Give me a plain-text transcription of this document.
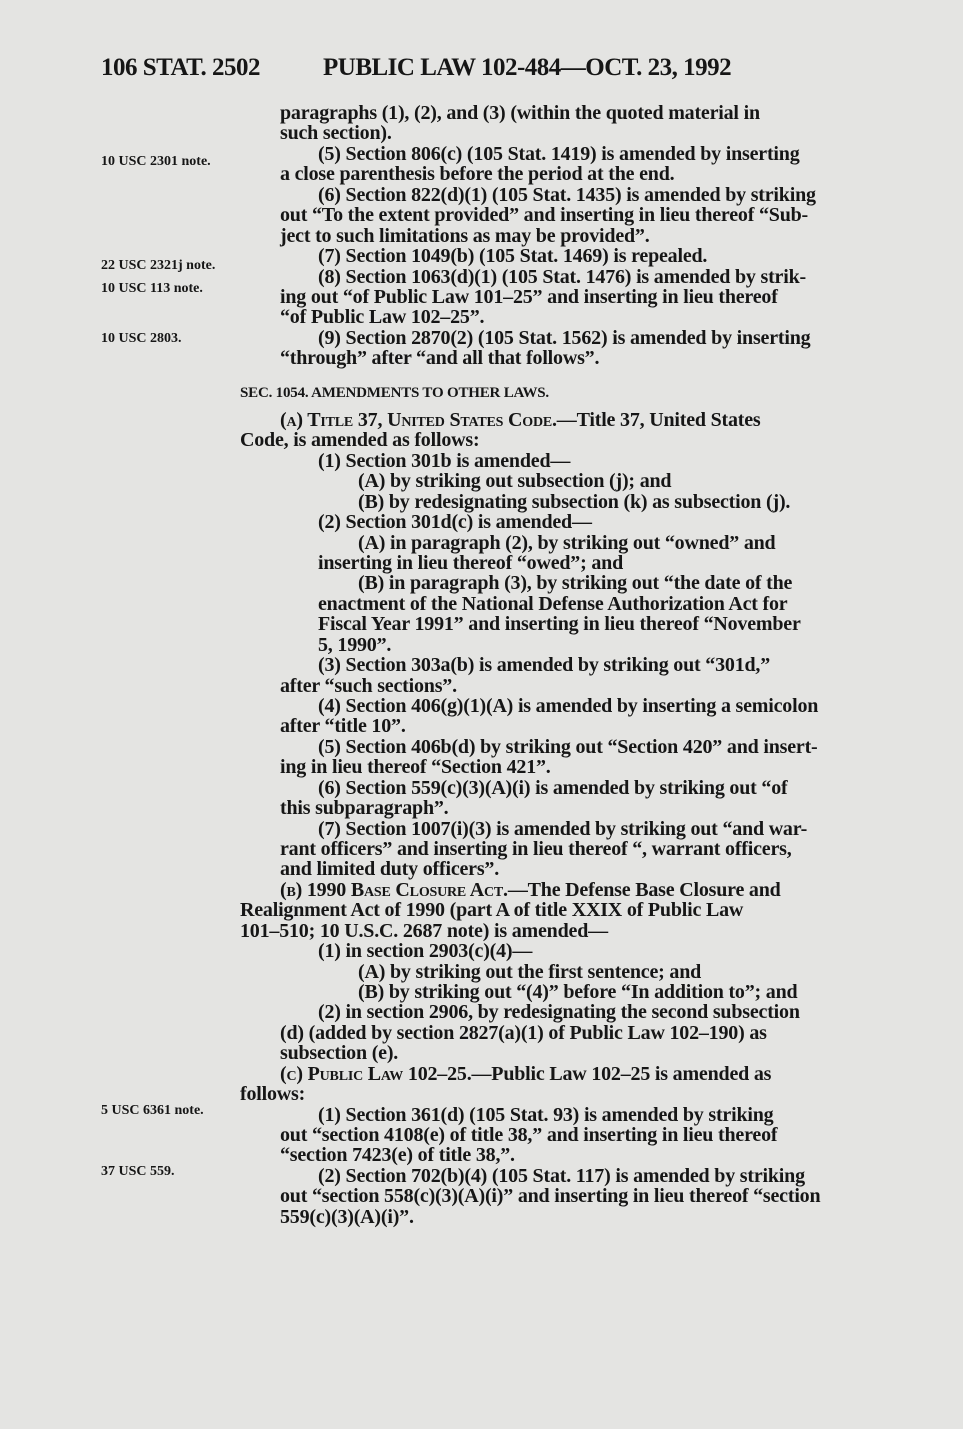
106 STAT. 2502	PUBLIC LAW 102-484—OCT. 23, 1992
10 USC 2301 note.
22 USC 2321j note.
10 USC 113 note.
10 USC 2803.
5 USC 6361 note.
37 USC 559.
paragraphs (1), (2), and (3) (within the quoted material in
such section).
(5) Section 806(c) (105 Stat. 1419) is amended by inserting
a close parenthesis before the period at the end.
(6) Section 822(d)(1) (105 Stat. 1435) is amended by striking
out “To the extent provided” and inserting in lieu thereof “Sub-
ject to such limitations as may be provided”.
(7) Section 1049(b) (105 Stat. 1469) is repealed.
(8) Section 1063(d)(1) (105 Stat. 1476) is amended by strik-
ing out “of Public Law 101–25” and inserting in lieu thereof
“of Public Law 102–25”.
(9) Section 2870(2) (105 Stat. 1562) is amended by inserting
“through” after “and all that follows”.
SEC. 1054. AMENDMENTS TO OTHER LAWS.
(a) Title 37, United States Code.—Title 37, United States
Code, is amended as follows:
(1) Section 301b is amended—
(A) by striking out subsection (j); and
(B) by redesignating subsection (k) as subsection (j).
(2) Section 301d(c) is amended—
(A) in paragraph (2), by striking out “owned” and
inserting in lieu thereof “owed”; and
(B) in paragraph (3), by striking out “the date of the
enactment of the National Defense Authorization Act for
Fiscal Year 1991” and inserting in lieu thereof “November
5, 1990”.
(3) Section 303a(b) is amended by striking out “301d,”
after “such sections”.
(4) Section 406(g)(1)(A) is amended by inserting a semicolon
after “title 10”.
(5) Section 406b(d) by striking out “Section 420” and insert-
ing in lieu thereof “Section 421”.
(6) Section 559(c)(3)(A)(i) is amended by striking out “of
this subparagraph”.
(7) Section 1007(i)(3) is amended by striking out “and war-
rant officers” and inserting in lieu thereof “, warrant officers,
and limited duty officers”.
(b) 1990 Base Closure Act.—The Defense Base Closure and
Realignment Act of 1990 (part A of title XXIX of Public Law
101–510; 10 U.S.C. 2687 note) is amended—
(1) in section 2903(c)(4)—
(A) by striking out the first sentence; and
(B) by striking out “(4)” before “In addition to”; and
(2) in section 2906, by redesignating the second subsection
(d) (added by section 2827(a)(1) of Public Law 102–190) as
subsection (e).
(c) Public Law 102–25.—Public Law 102–25 is amended as
follows:
(1) Section 361(d) (105 Stat. 93) is amended by striking
out “section 4108(e) of title 38,” and inserting in lieu thereof
“section 7423(e) of title 38,”.
(2) Section 702(b)(4) (105 Stat. 117) is amended by striking
out “section 558(c)(3)(A)(i)” and inserting in lieu thereof “section
559(c)(3)(A)(i)”.
